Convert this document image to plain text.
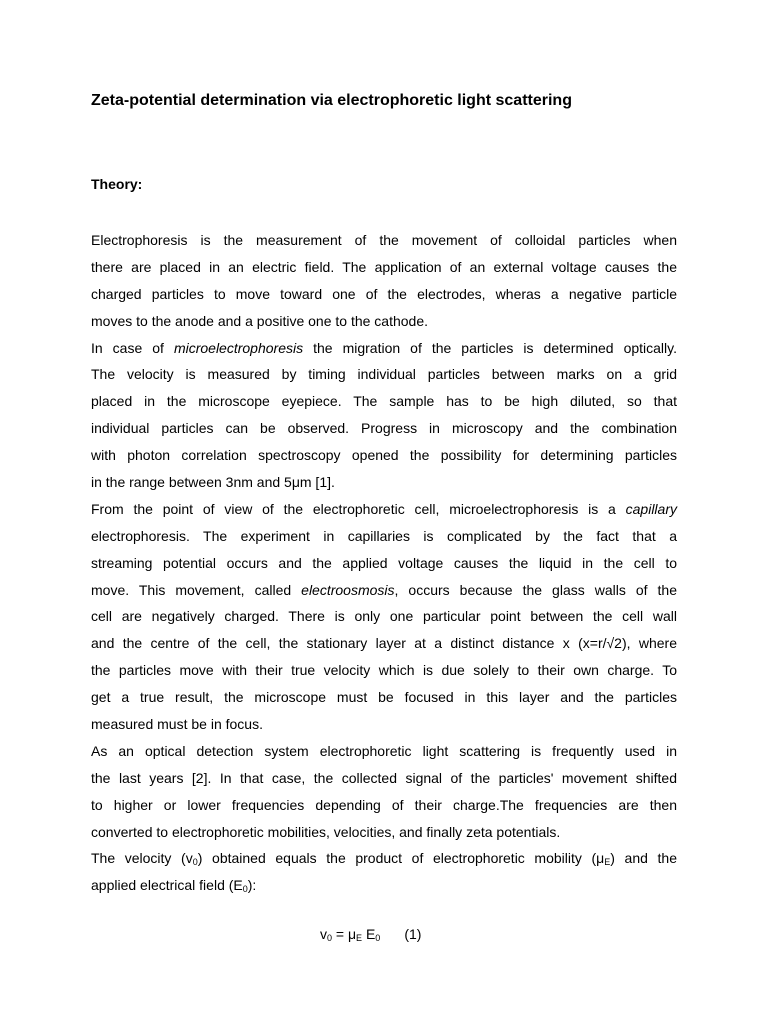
Zeta-potential determination via electrophoretic light scattering
Theory:
Electrophoresis is the measurement of the movement of colloidal particles when
there are placed in an electric field. The application of an external voltage causes the
charged particles to move toward one of the electrodes, wheras a negative particle
moves to the anode and a positive one to the cathode.
In case of microelectrophoresis the migration of the particles is determined optically.
The velocity is measured by timing individual particles between marks on a grid
placed in the microscope eyepiece. The sample has to be high diluted, so that
individual particles can be observed. Progress in microscopy and the combination
with photon correlation spectroscopy opened the possibility for determining particles
in the range between 3nm and 5μm [1].
From the point of view of the electrophoretic cell, microelectrophoresis is a capillary
electrophoresis. The experiment in capillaries is complicated by the fact that a
streaming potential occurs and the applied voltage causes the liquid in the cell to
move. This movement, called electroosmosis, occurs because the glass walls of the
cell are negatively charged. There is only one particular point between the cell wall
and the centre of the cell, the stationary layer at a distinct distance x (x=r/√2), where
the particles move with their true velocity which is due solely to their own charge. To
get a true result, the microscope must be focused in this layer and the particles
measured must be in focus.
As an optical detection system electrophoretic light scattering is frequently used in
the last years [2]. In that case, the collected signal of the particles' movement shifted
to higher or lower frequencies depending of their charge.The frequencies are then
converted to electrophoretic mobilities, velocities, and finally zeta potentials.
The velocity $(v_0)$ obtained equals the product of electrophoretic mobility $(\mu_E)$ and the
applied electrical field $(E_0)$:
$v_0 = \mu_E$ $E_0$ (1)
